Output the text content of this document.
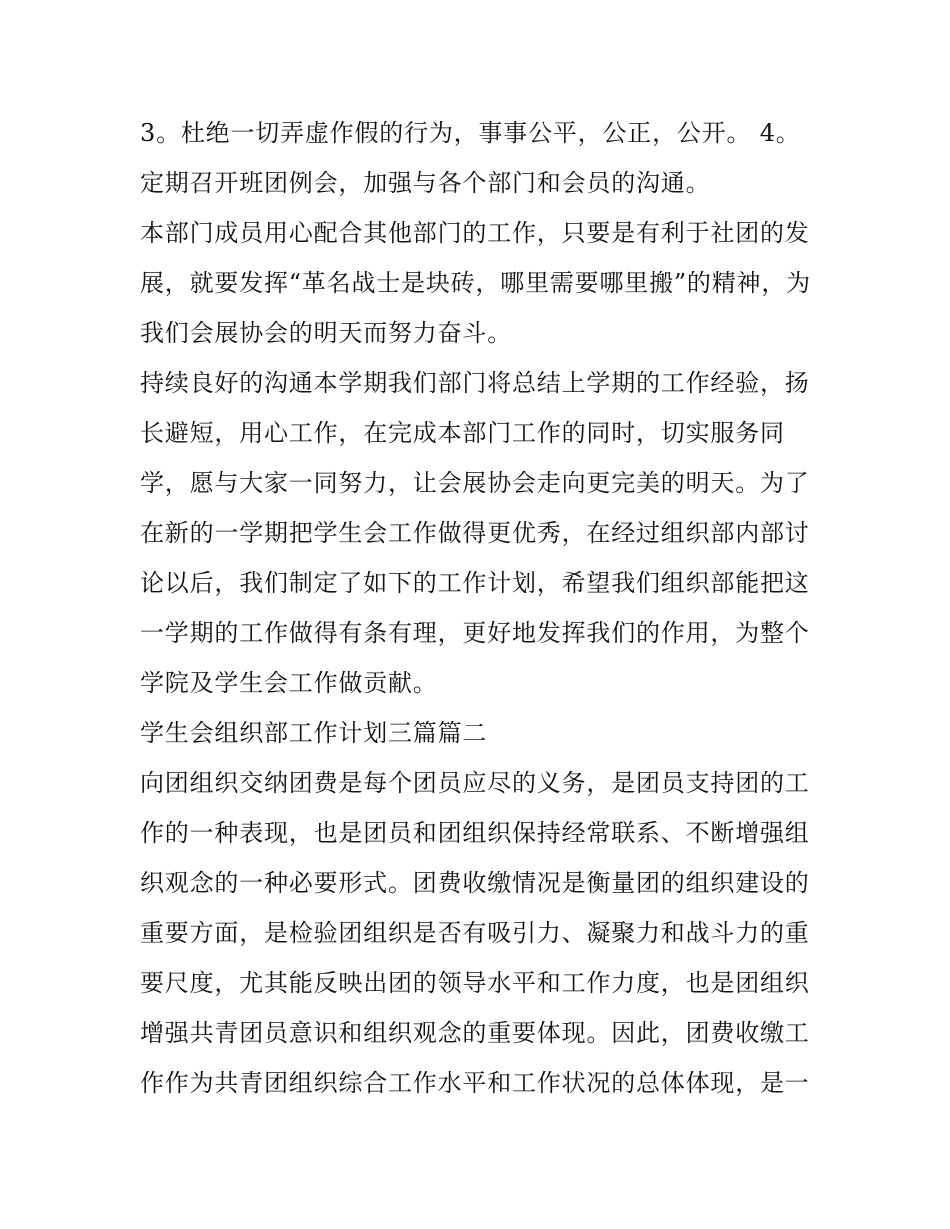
3。杜绝一切弄虚作假的行为，事事公平，公正，公开。 4。
定期召开班团例会，加强与各个部门和会员的沟通。
本部门成员用心配合其他部门的工作，只要是有利于社团的发
展，就要发挥“革名战士是块砖，哪里需要哪里搬”的精神，为
我们会展协会的明天而努力奋斗。
持续良好的沟通本学期我们部门将总结上学期的工作经验，扬
长避短，用心工作，在完成本部门工作的同时，切实服务同
学，愿与大家一同努力，让会展协会走向更完美的明天。为了
在新的一学期把学生会工作做得更优秀，在经过组织部内部讨
论以后，我们制定了如下的工作计划，希望我们组织部能把这
一学期的工作做得有条有理，更好地发挥我们的作用，为整个
学院及学生会工作做贡献。
学生会组织部工作计划三篇篇二
向团组织交纳团费是每个团员应尽的义务，是团员支持团的工
作的一种表现，也是团员和团组织保持经常联系、不断增强组
织观念的一种必要形式。团费收缴情况是衡量团的组织建设的
重要方面，是检验团组织是否有吸引力、凝聚力和战斗力的重
要尺度，尤其能反映出团的领导水平和工作力度，也是团组织
增强共青团员意识和组织观念的重要体现。因此，团费收缴工
作作为共青团组织综合工作水平和工作状况的总体体现，是一
